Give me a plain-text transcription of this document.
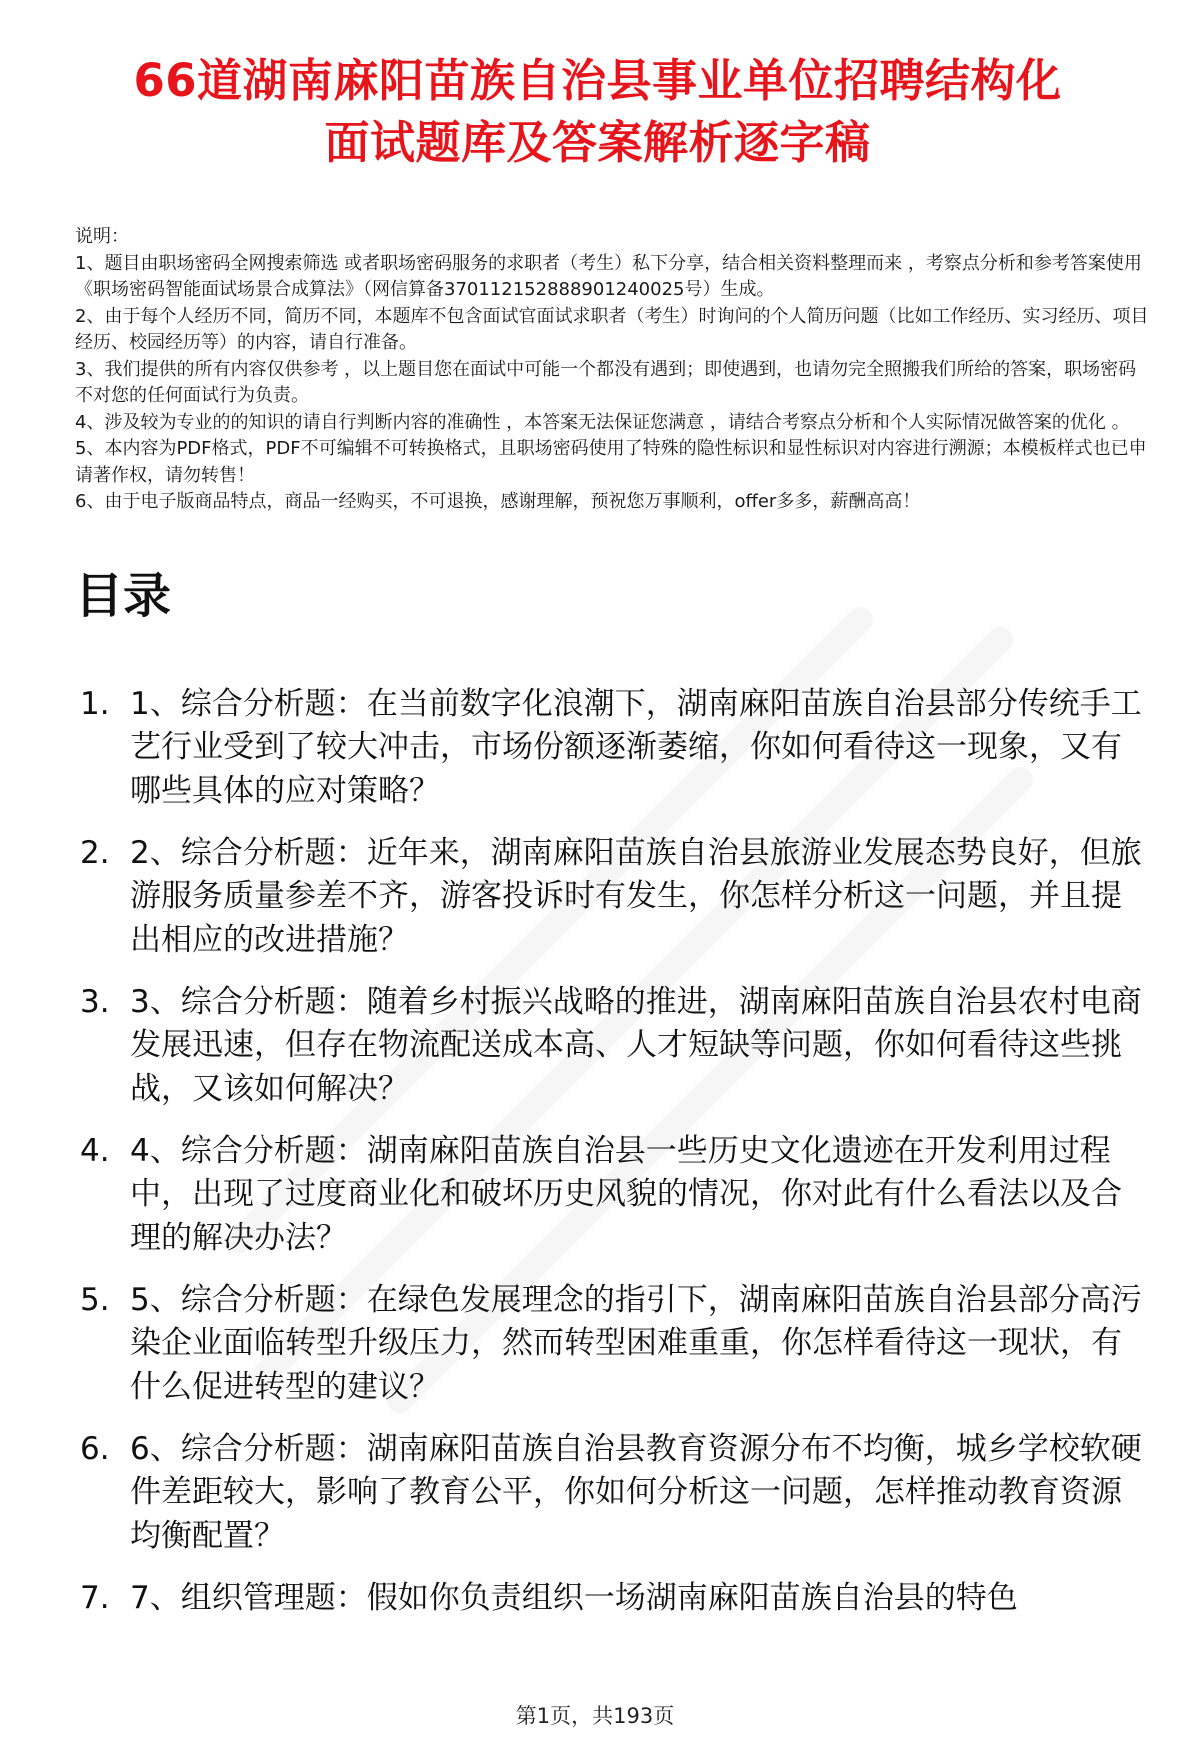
66道湖南麻阳苗族自治县事业单位招聘结构化
面试题库及答案解析逐字稿

说明：

1、题目由职场密码全网搜索筛选 或者职场密码服务的求职者（考生）私下分享，结合相关资料整理而来 ，考察点分析和参考答案使用《职场密码智能面试场景合成算法》（网信算备370112152888901240025号）生成。

2、由于每个人经历不同，简历不同，本题库不包含面试官面试求职者（考生）时询问的个人简历问题（比如工作经历、实习经历、项目经历、校园经历等）的内容，请自行准备。

3、我们提供的所有内容仅供参考 ，以上题目您在面试中可能一个都没有遇到；即使遇到，也请勿完全照搬我们所给的答案，职场密码不对您的任何面试行为负责。

4、涉及较为专业的的知识的请自行判断内容的准确性 ，本答案无法保证您满意 ，请结合考察点分析和个人实际情况做答案的优化 。

5、本内容为PDF格式，PDF不可编辑不可转换格式，且职场密码使用了特殊的隐性标识和显性标识对内容进行溯源；本模板样式也已申请著作权，请勿转售！

6、由于电子版商品特点，商品一经购买，不可退换，感谢理解，预祝您万事顺利，offer多多，薪酬高高！

目录
1. 1、综合分析题：在当前数字化浪潮下，湖南麻阳苗族自治县部分传统手工艺行业受到了较大冲击，市场份额逐渐萎缩，你如何看待这一现象，又有哪些具体的应对策略？
2. 2、综合分析题：近年来，湖南麻阳苗族自治县旅游业发展态势良好，但旅游服务质量参差不齐，游客投诉时有发生，你怎样分析这一问题，并且提出相应的改进措施？
3. 3、综合分析题：随着乡村振兴战略的推进，湖南麻阳苗族自治县农村电商发展迅速，但存在物流配送成本高、人才短缺等问题，你如何看待这些挑战，又该如何解决？
4. 4、综合分析题：湖南麻阳苗族自治县一些历史文化遗迹在开发利用过程中，出现了过度商业化和破坏历史风貌的情况，你对此有什么看法以及合理的解决办法？
5. 5、综合分析题：在绿色发展理念的指引下，湖南麻阳苗族自治县部分高污染企业面临转型升级压力，然而转型困难重重，你怎样看待这一现状，有什么促进转型的建议？
6. 6、综合分析题：湖南麻阳苗族自治县教育资源分布不均衡，城乡学校软硬件差距较大，影响了教育公平，你如何分析这一问题，怎样推动教育资源均衡配置？
7. 7、组织管理题：假如你负责组织一场湖南麻阳苗族自治县的特色
第1页，共193页
